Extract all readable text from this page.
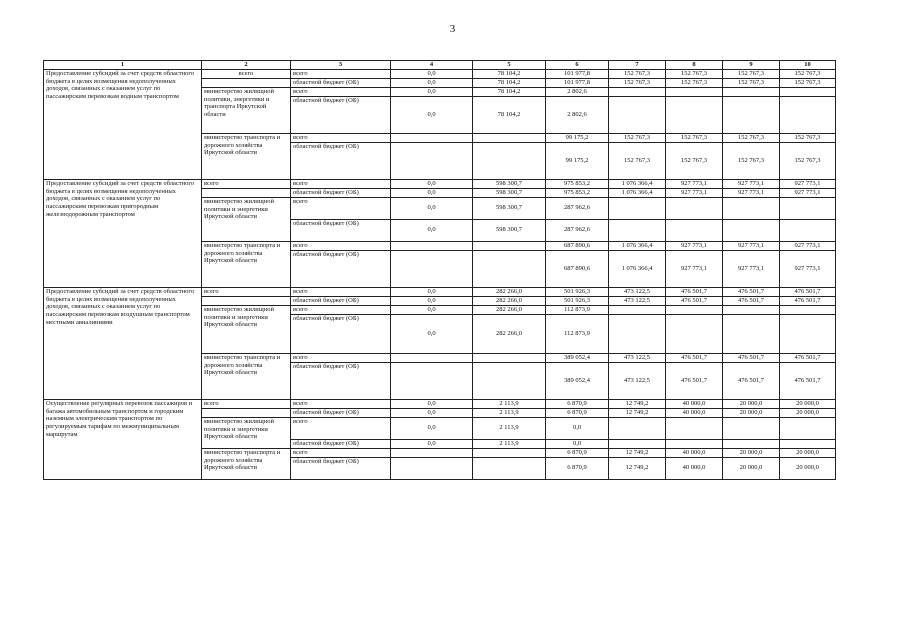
3
1	2	3	4	5	6	7	8	9	10
Предоставление субсидий за счет средств областного бюджета в целях возмещения недополученных доходов, связанных с оказанием услуг по пассажирским перевозкам водным транспортом	всего	всего	0,0	78 104,2	101 977,8	152 767,3	152 767,3	152 767,3	152 767,3
		областной бюджет (ОБ)	0,0	78 104,2	101 977,8	152 767,3	152 767,3	152 767,3	152 767,3
	министерство жилищной политики, энергетики и транспорта Иркутской области	всего	0,0	78 104,2	2 802,6				
		областной бюджет (ОБ)	0,0	78 104,2	2 802,6				
	министерство транспорта и дорожного хозяйства Иркутской области	всего			99 175,2	152 767,3	152 767,3	152 767,3	152 767,3
		областной бюджет (ОБ)			99 175,2	152 767,3	152 767,3	152 767,3	152 767,3
Предоставление субсидий за счет средств областного бюджета в целях возмещения недополученных доходов, связанных с оказанием услуг по пассажирским перевозкам пригородным железнодорожным транспортом	всего	всего	0,0	598 300,7	975 853,2	1 076 366,4	927 773,1	927 773,1	927 773,1
		областной бюджет (ОБ)	0,0	598 300,7	975 853,2	1 076 366,4	927 773,1	927 773,1	927 773,1
	министерство жилищной политики и энергетики Иркутской области	всего	0,0	598 300,7	287 962,6				
		областной бюджет (ОБ)	0,0	598 300,7	287 962,6				
	министерство транспорта и дорожного хозяйства Иркутской области	всего			687 890,6	1 076 366,4	927 773,1	927 773,1	927 773,1
		областной бюджет (ОБ)			687 890,6	1 076 366,4	927 773,1	927 773,1	927 773,1
Предоставление субсидий за счет средств областного бюджета в целях возмещения недополученных доходов, связанных с оказанием услуг по пассажирским перевозкам воздушным транспортом местными авиалиниями	всего	всего	0,0	282 266,0	501 926,3	473 122,5	476 501,7	476 501,7	476 501,7
		областной бюджет (ОБ)	0,0	282 266,0	501 926,3	473 122,5	476 501,7	476 501,7	476 501,7
	министерство жилищной политики и энергетики Иркутской области	всего	0,0	282 266,0	112 873,9				
		областной бюджет (ОБ)	0,0	282 266,0	112 873,9				
	министерство транспорта и дорожного хозяйства Иркутской области	всего			389 052,4	473 122,5	476 501,7	476 501,7	476 501,7
		областной бюджет (ОБ)			389 052,4	473 122,5	476 501,7	476 501,7	476 501,7
Осуществление регулярных перевозок пассажиров и багажа автомобильным транспортом и городским наземным электрическим транспортом по регулируемым тарифам по межмуниципальным маршрутам	всего	всего	0,0	2 113,9	6 870,9	12 749,2	40 000,0	20 000,0	20 000,0
		областной бюджет (ОБ)	0,0	2 113,9	6 870,9	12 749,2	40 000,0	20 000,0	20 000,0
	министерство жилищной политики и энергетики Иркутской области	всего	0,0	2 113,9	0,0				
		областной бюджет (ОБ)	0,0	2 113,9	0,0				
	министерство транспорта и дорожного хозяйства Иркутской области	всего			6 870,9	12 749,2	40 000,0	20 000,0	20 000,0
		областной бюджет (ОБ)			6 870,9	12 749,2	40 000,0	20 000,0	20 000,0
